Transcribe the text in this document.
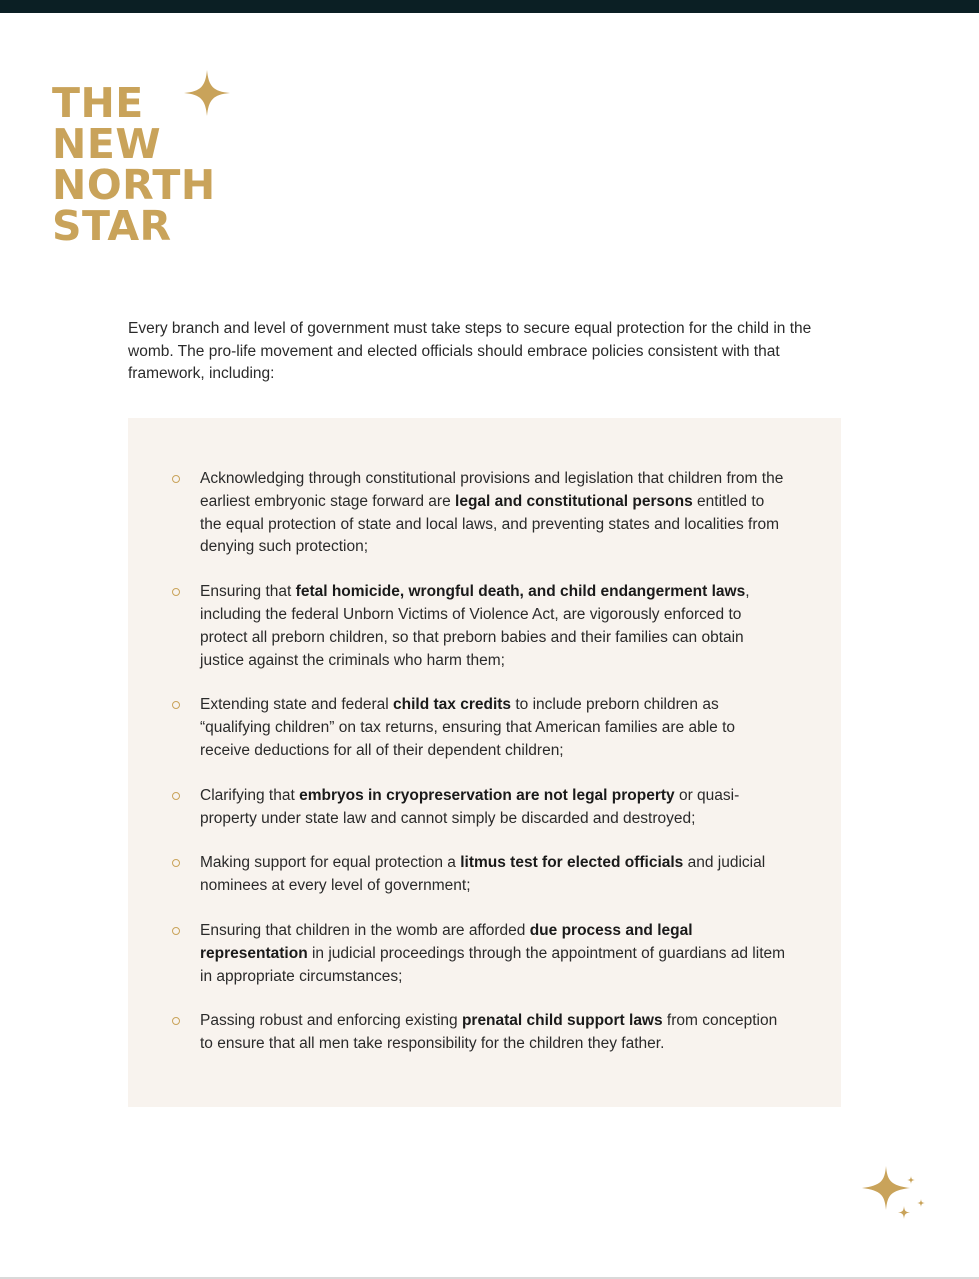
THE
NEW
NORTH
STAR

Every branch and level of government must take steps to secure equal protection for the child in the womb. The pro-life movement and elected officials should embrace policies consistent with that framework, including:

Acknowledging through constitutional provisions and legislation that children from the earliest embryonic stage forward are legal and constitutional persons entitled to the equal protection of state and local laws, and preventing states and localities from denying such protection;
Ensuring that fetal homicide, wrongful death, and child endangerment laws, including the federal Unborn Victims of Violence Act, are vigorously enforced to protect all preborn children, so that preborn babies and their families can obtain justice against the criminals who harm them;
Extending state and federal child tax credits to include preborn children as “qualifying children” on tax returns, ensuring that American families are able to receive deductions for all of their dependent children;
Clarifying that embryos in cryopreservation are not legal property or quasi-property under state law and cannot simply be discarded and destroyed;
Making support for equal protection a litmus test for elected officials and judicial nominees at every level of government;
Ensuring that children in the womb are afforded due process and legal representation in judicial proceedings through the appointment of guardians ad litem in appropriate circumstances;
Passing robust and enforcing existing prenatal child support laws from conception to ensure that all men take responsibility for the children they father.
